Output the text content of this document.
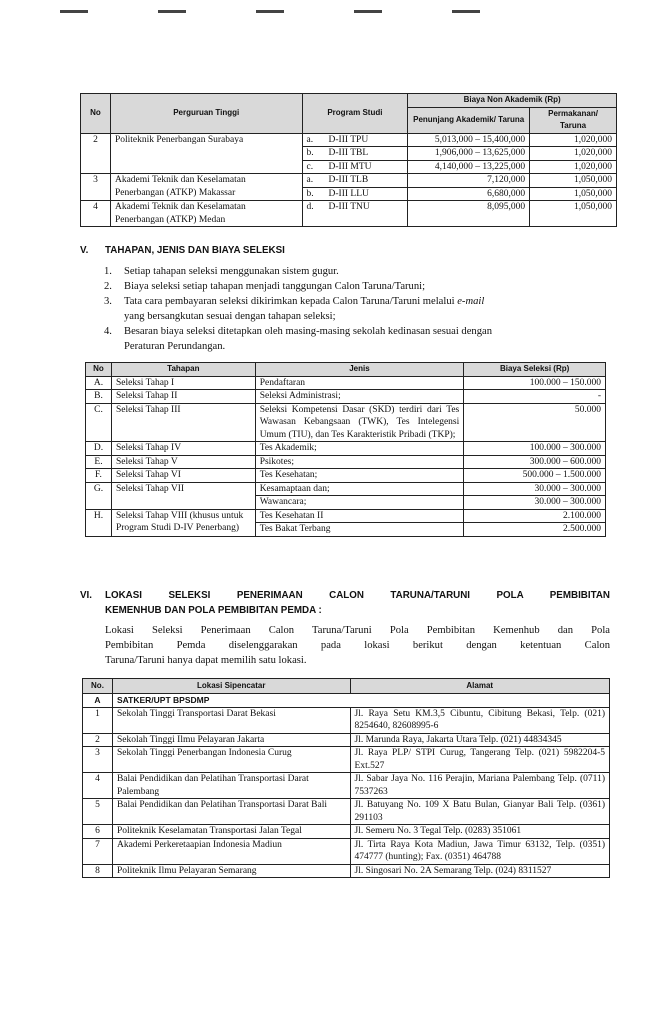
No	Perguruan Tinggi	Program Studi	Biaya Non Akademik (Rp)	
			Penunjang Akademik/ Taruna	Permakanan/ Taruna
2	Politeknik Penerbangan Surabaya	a. D-III TPU	5,013,000 – 15,400,000	1,020,000
		b. D-III TBL	1,906,000 – 13,625,000	1,020,000
		c. D-III MTU	4,140,000 – 13,225,000	1,020,000
3	Akademi Teknik dan Keselamatan
Penerbangan (ATKP) Makassar	a. D-III TLB	7,120,000	1,050,000
		b. D-III LLU	6,680,000	1,050,000
4	Akademi Teknik dan Keselamatan
Penerbangan (ATKP) Medan	d. D-III TNU	8,095,000	1,050,000

V. TAHAPAN, JENIS DAN BIAYA SELEKSI
1. Setiap tahapan seleksi menggunakan sistem gugur.
2. Biaya seleksi setiap tahapan menjadi tanggungan Calon Taruna/Taruni;
3. Tata cara pembayaran seleksi dikirimkan kepada Calon Taruna/Taruni melalui e-mail
yang bersangkutan sesuai dengan tahapan seleksi;
4. Besaran biaya seleksi ditetapkan oleh masing-masing sekolah kedinasan sesuai dengan
Peraturan Perundangan.
No	Tahapan	Jenis	Biaya Seleksi (Rp)
A.	Seleksi Tahap I	Pendaftaran	100.000 – 150.000
B.	Seleksi Tahap II	Seleksi Administrasi;	-
C.	Seleksi Tahap III	Seleksi Kompetensi Dasar (SKD) terdiri dari Tes Wawasan Kebangsaan (TWK), Tes Intelegensi Umum (TIU), dan Tes Karakteristik Pribadi (TKP);	50.000
D.	Seleksi Tahap IV	Tes Akademik;	100.000 – 300.000
E.	Seleksi Tahap V	Psikotes;	300.000 – 600.000
F.	Seleksi Tahap VI	Tes Kesehatan;	500.000 – 1.500.000
G.	Seleksi Tahap VII	Kesamaptaan dan;	30.000 – 300.000
		Wawancara;	30.000 – 300.000
H.	Seleksi Tahap VIII (khusus untuk Program Studi D-IV Penerbang)	Tes Kesehatan II	2.100.000
		Tes Bakat Terbang	2.500.000
VI.	LOKASI SELEKSI PENERIMAAN CALON TARUNA/TARUNI POLA PEMBIBITAN
KEMENHUB DAN POLA PEMBIBITAN PEMDA :
Lokasi Seleksi Penerimaan Calon Taruna/Taruni Pola Pembibitan Kemenhub dan Pola
Pembibitan Pemda diselenggarakan pada lokasi berikut dengan ketentuan Calon
Taruna/Taruni hanya dapat memilih satu lokasi.
No.	Lokasi Sipencatar	Alamat
A	SATKER/UPT BPSDMP	
1	Sekolah Tinggi Transportasi Darat Bekasi	Jl. Raya Setu KM.3,5 Cibuntu, Cibitung Bekasi, Telp. (021) 8254640, 82608995-6
2	Sekolah Tinggi Ilmu Pelayaran Jakarta	Jl. Marunda Raya, Jakarta Utara Telp. (021) 44834345
3	Sekolah Tinggi Penerbangan Indonesia Curug	Jl. Raya PLP/ STPI Curug, Tangerang Telp. (021) 5982204-5 Ext.527
4	Balai Pendidikan dan Pelatihan Transportasi Darat Palembang	Jl. Sabar Jaya No. 116 Perajin, Mariana Palembang Telp. (0711) 7537263
5	Balai Pendidikan dan Pelatihan Transportasi Darat Bali	Jl. Batuyang No. 109 X Batu Bulan, Gianyar Bali Telp. (0361) 291103
6	Politeknik Keselamatan Transportasi Jalan Tegal	Jl. Semeru No. 3 Tegal Telp. (0283) 351061
7	Akademi Perkeretaapian Indonesia Madiun	Jl. Tirta Raya Kota Madiun, Jawa Timur 63132, Telp. (0351) 474777 (hunting); Fax. (0351) 464788
8	Politeknik Ilmu Pelayaran Semarang	Jl. Singosari No. 2A Semarang Telp. (024) 8311527
